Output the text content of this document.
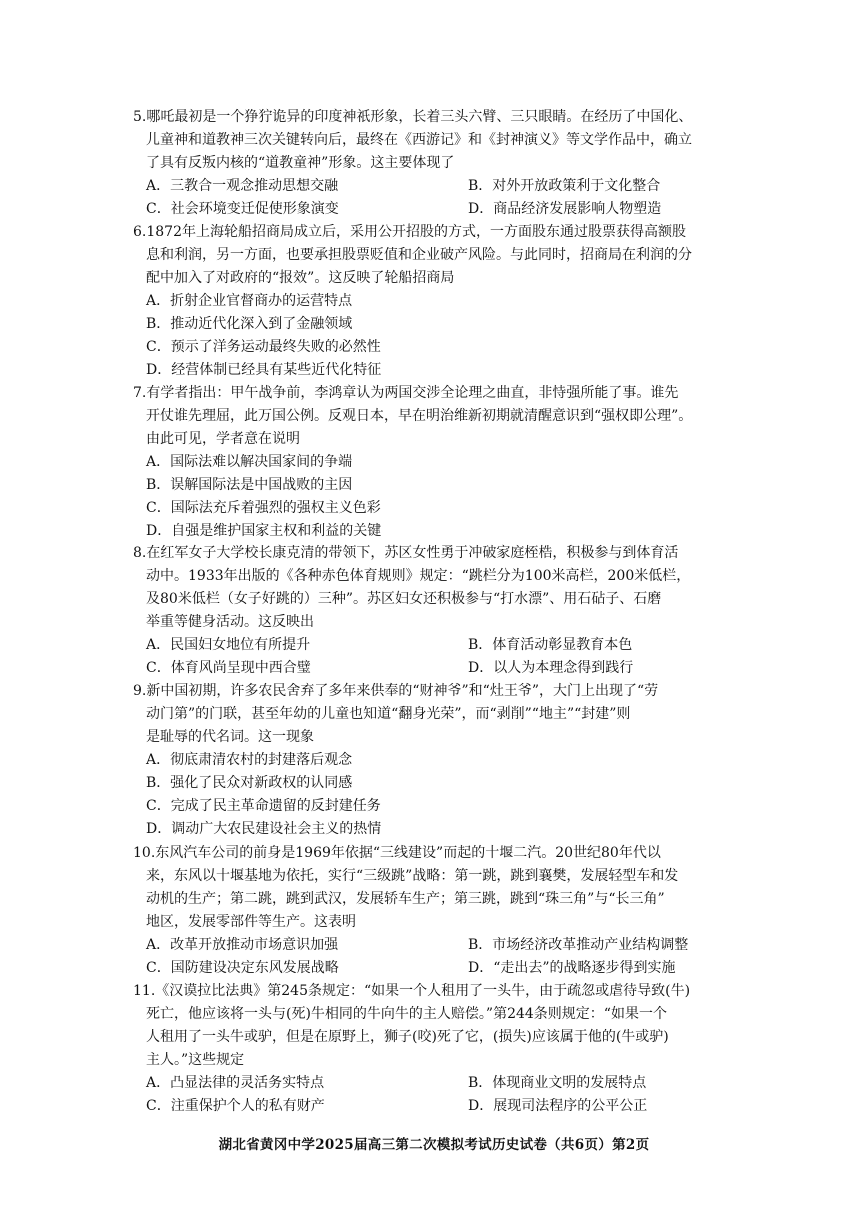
5.哪吒最初是一个狰狞诡异的印度神祇形象，长着三头六臂、三只眼睛。在经历了中国化、
儿童神和道教神三次关键转向后，最终在《西游记》和《封神演义》等文学作品中，确立
了具有反叛内核的“道教童神”形象。这主要体现了

A．三教合一观念推动思想交融	B．对外开放政策利于文化整合

C．社会环境变迁促使形象演变	D．商品经济发展影响人物塑造

6.1872年上海轮船招商局成立后，采用公开招股的方式，一方面股东通过股票获得高额股
息和利润，另一方面，也要承担股票贬值和企业破产风险。与此同时，招商局在利润的分
配中加入了对政府的“报效”。这反映了轮船招商局

A．折射企业官督商办的运营特点

B．推动近代化深入到了金融领域

C．预示了洋务运动最终失败的必然性

D．经营体制已经具有某些近代化特征

7.有学者指出：甲午战争前，李鸿章认为两国交涉全论理之曲直，非恃强所能了事。谁先
开仗谁先理屈，此万国公例。反观日本，早在明治维新初期就清醒意识到“强权即公理”。
由此可见，学者意在说明

A．国际法难以解决国家间的争端

B．误解国际法是中国战败的主因

C．国际法充斥着强烈的强权主义色彩

D．自强是维护国家主权和利益的关键

8.在红军女子大学校长康克清的带领下，苏区女性勇于冲破家庭桎梏，积极参与到体育活
动中。1933年出版的《各种赤色体育规则》规定：“跳栏分为100米高栏，200米低栏，
及80米低栏（女子好跳的）三种”。苏区妇女还积极参与“打水漂”、用石砧子、石磨
举重等健身活动。这反映出

A．民国妇女地位有所提升	B．体育活动彰显教育本色

C．体育风尚呈现中西合璧	D．以人为本理念得到践行

9.新中国初期，许多农民舍弃了多年来供奉的“财神爷”和“灶王爷”，大门上出现了“劳
动门第”的门联，甚至年幼的儿童也知道“翻身光荣”，而“剥削”“地主”“封建”则
是耻辱的代名词。这一现象

A．彻底肃清农村的封建落后观念

B．强化了民众对新政权的认同感

C．完成了民主革命遗留的反封建任务

D．调动广大农民建设社会主义的热情

10.东风汽车公司的前身是1969年依据“三线建设”而起的十堰二汽。20世纪80年代以
来，东风以十堰基地为依托，实行“三级跳”战略：第一跳，跳到襄樊，发展轻型车和发
动机的生产；第二跳，跳到武汉，发展轿车生产；第三跳，跳到“珠三角”与“长三角”
地区，发展零部件等生产。这表明

A．改革开放推动市场意识加强	B．市场经济改革推动产业结构调整

C．国防建设决定东风发展战略	D．“走出去”的战略逐步得到实施

11.《汉谟拉比法典》第245条规定：“如果一个人租用了一头牛，由于疏忽或虐待导致(牛)
死亡，他应该将一头与(死)牛相同的牛向牛的主人赔偿。”第244条则规定：“如果一个
人租用了一头牛或驴，但是在原野上，狮子(咬)死了它，(损失)应该属于他的(牛或驴)
主人。”这些规定

A．凸显法律的灵活务实特点	B．体现商业文明的发展特点

C．注重保护个人的私有财产	D．展现司法程序的公平公正

湖北省黄冈中学2025届高三第二次模拟考试历史试卷（共6页）第2页
